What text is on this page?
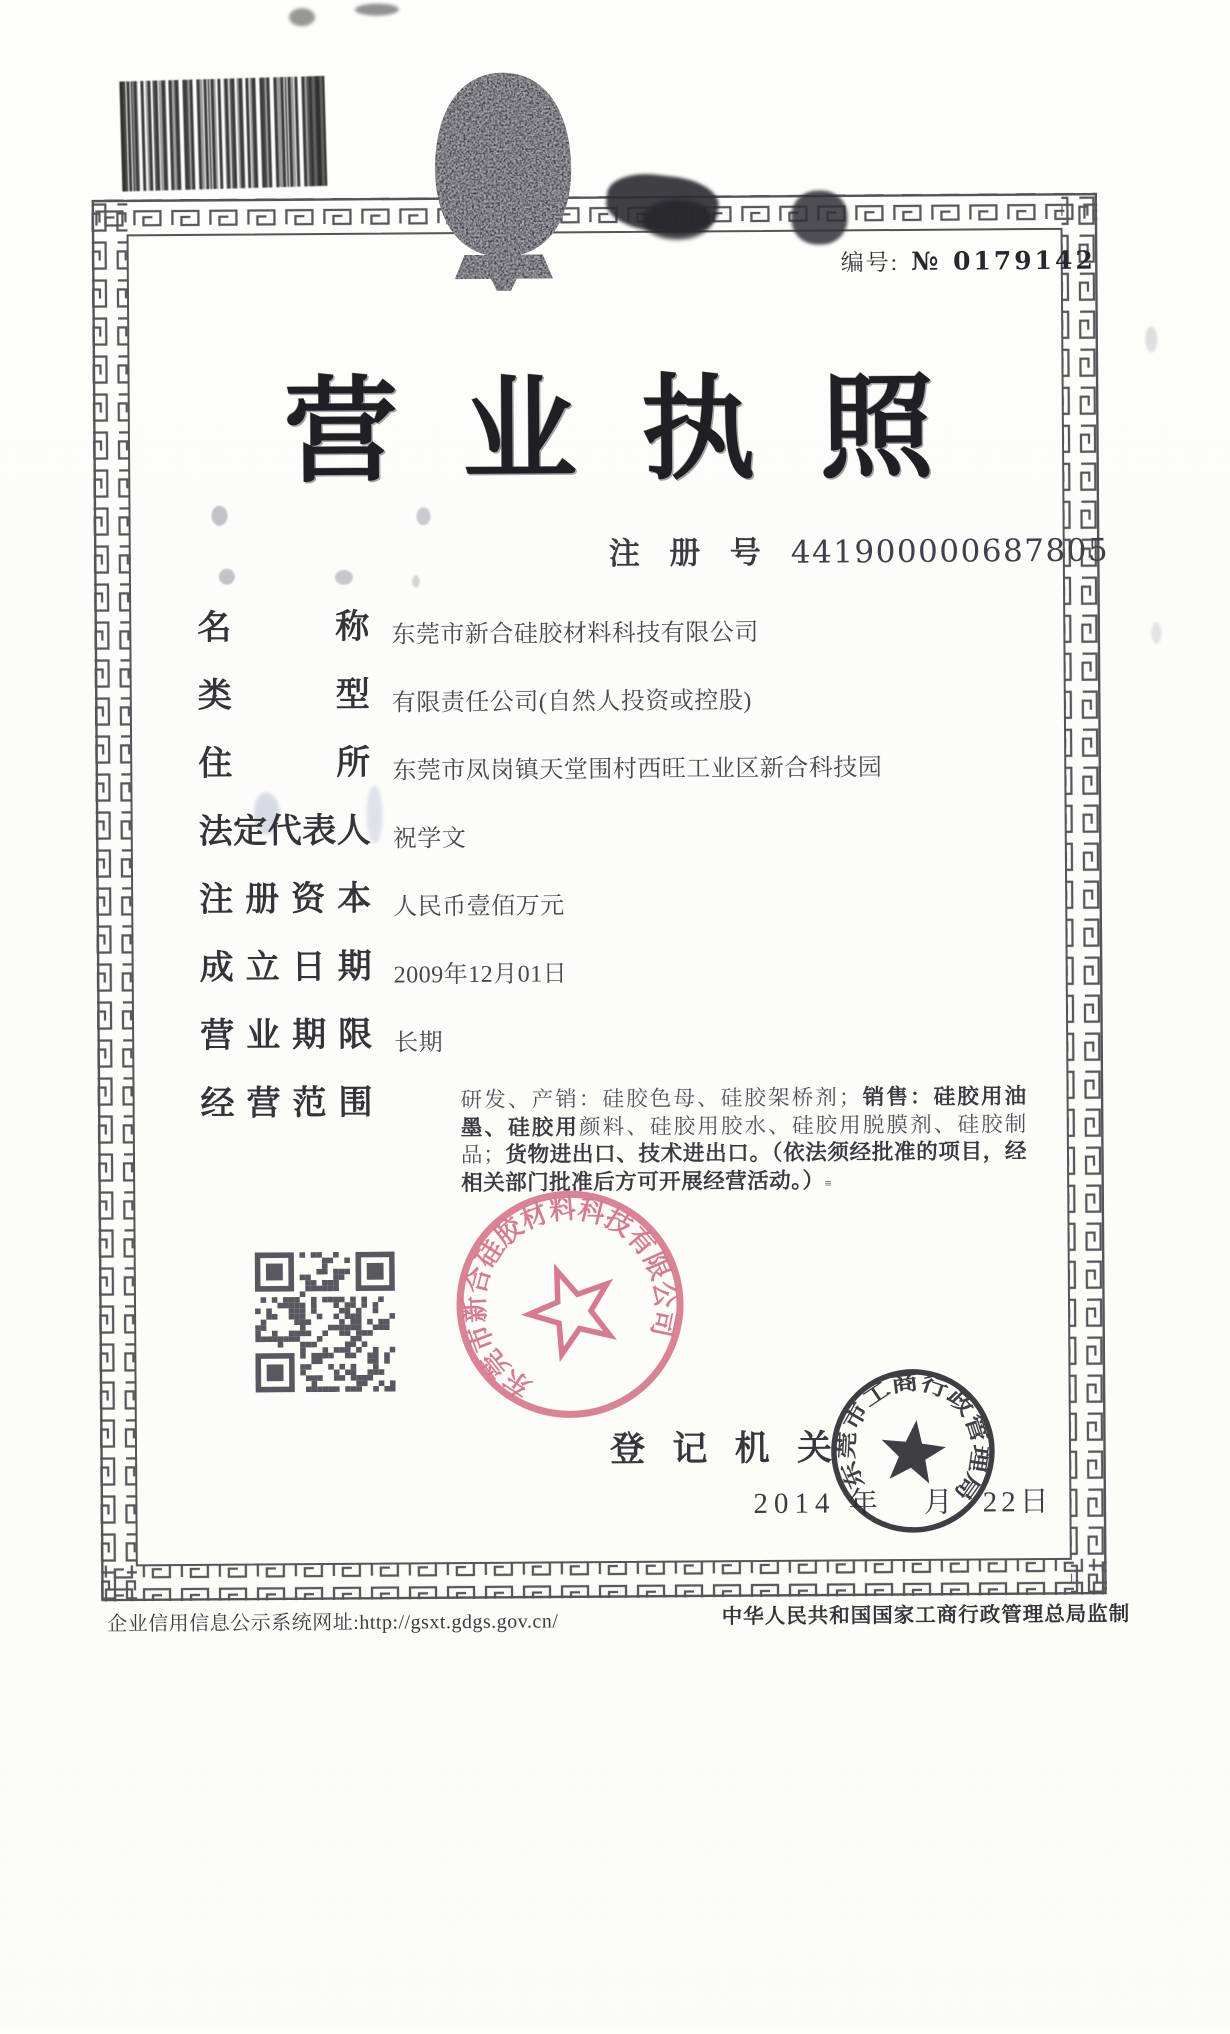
编号: № 0179142
营 业 执 照
注 册 号 441900000687805
名	称 东莞市新合硅胶材料科技有限公司
类	型 有限责任公司(自然人投资或控股)
住	所 东莞市凤岗镇天堂围村西旺工业区新合科技园
法 定 代 表 人 祝学文
注 册 资 本 人民币壹佰万元
成 立 日 期 2009年12月01日
营 业 期 限 长期
经 营 范 围	研发、产销：硅胶色母、硅胶架桥剂；销售：硅胶用油墨、硅胶用颜料、硅胶用胶水、硅胶用脱膜剂、硅胶制品；货物进出口、技术进出口。（依法须经批准的项目，经相关部门批准后方可开展经营活动。）≡
东莞市新合硅胶材料科技有限公司
登 记 机 关
2014 年 月 22日
东莞市工商行政管理局
企业信用信息公示系统网址:http://gsxt.gdgs.gov.cn/	中华人民共和国国家工商行政管理总局监制
